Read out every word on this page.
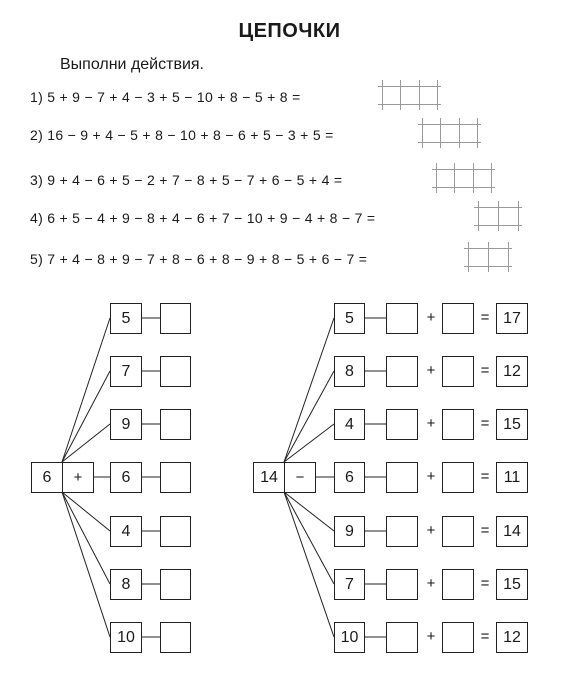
ЦЕПОЧКИ
Выполни действия.
1) 5 + 9 − 7 + 4 − 3 + 5 − 10 + 8 − 5 + 8 =
2) 16 − 9 + 4 − 5 + 8 − 10 + 8 − 6 + 5 − 3 + 5 =
3) 9 + 4 − 6 + 5 − 2 + 7 − 8 + 5 − 7 + 6 − 5 + 4 =
4) 6 + 5 − 4 + 9 − 8 + 4 − 6 + 7 − 10 + 9 − 4 + 8 − 7 =
5) 7 + 4 − 8 + 9 − 7 + 8 − 6 + 8 − 9 + 8 − 5 + 6 − 7 =
6	+
5
7
9
6
4
8
10
14	−
5	+	= 17
8	+	= 12
4	+	= 15
6	+	= 11
9	+	= 14
7	+	= 15
10	+	= 12
